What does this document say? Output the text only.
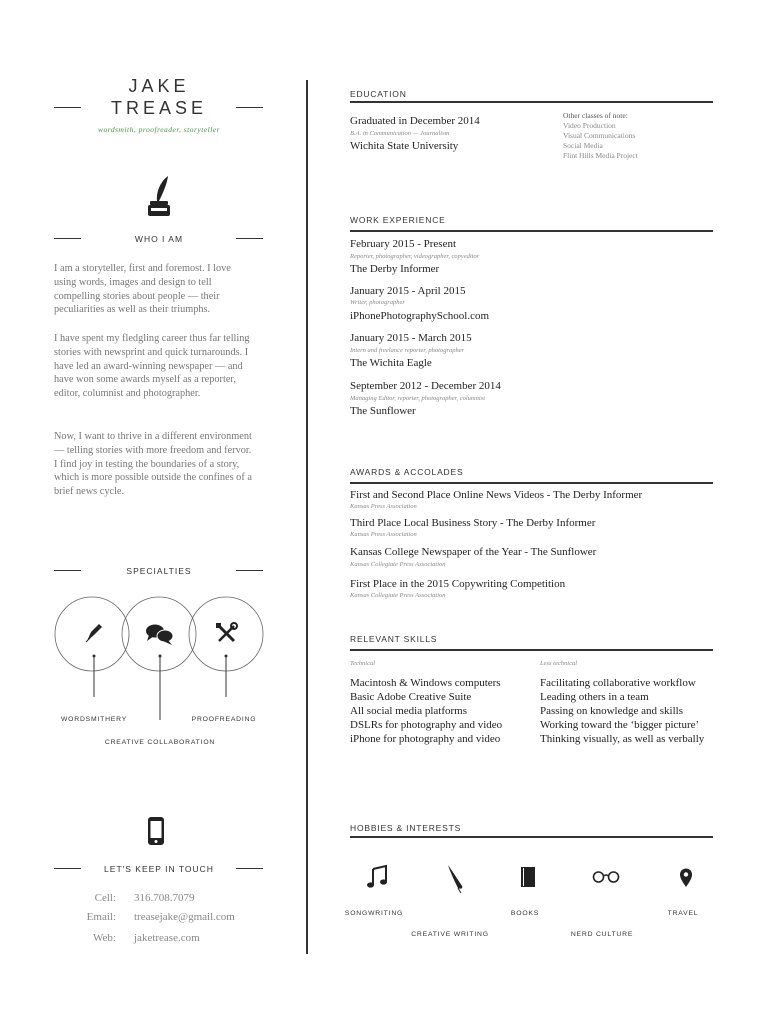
JAKE
TREASE
wordsmith, proofreader, storyteller
WHO I AM

I am a storyteller, first and foremost. I love using words, images and design to tell compelling stories about people — their peculiarities as well as their triumphs.

I have spent my fledgling career thus far telling stories with newsprint and quick turnarounds. I have led an award-winning newspaper — and have won some awards myself as a reporter, editor, columnist and photographer.

Now, I want to thrive in a different environment — telling stories with more freedom and fervor. I find joy in testing the boundaries of a story, which is more possible outside the confines of a brief news cycle.

SPECIALTIES
WORDSMITHERY	PROOFREADING
CREATIVE COLLABORATION
LET'S KEEP IN TOUCH
Cell: 316.708.7079
Email: treasejake@gmail.com
Web: jaketrease.com
EDUCATION
Graduated in December 2014
B.A. in Communication — Journalism
Wichita State University
Other classes of note:
Video Production
Visual Communications
Social Media
Flint Hills Media Project
WORK EXPERIENCE
February 2015 - Present
Reporter, photographer, videographer, copyeditor
The Derby Informer
January 2015 - April 2015
Writer, photographer
iPhonePhotographySchool.com
January 2015 - March 2015
Intern and freelance reporter, photographer
The Wichita Eagle
September 2012 - December 2014
Managing Editor, reporter, photographer, columnist
The Sunflower
AWARDS & ACCOLADES
First and Second Place Online News Videos - The Derby Informer
Kansas Press Association
Third Place Local Business Story - The Derby Informer
Kansas Press Association
Kansas College Newspaper of the Year - The Sunflower
Kansas Collegiate Press Association
First Place in the 2015 Copywriting Competition
Kansas Collegiate Press Association
RELEVANT SKILLS
Technical	Less technical
Macintosh & Windows computers
Basic Adobe Creative Suite
All social media platforms
DSLRs for photography and video
iPhone for photography and video
Facilitating collaborative workflow
Leading others in a team
Passing on knowledge and skills
Working toward the ‘bigger picture’
Thinking visually, as well as verbally
HOBBIES & INTERESTS
SONGWRITING
CREATIVE WRITING
BOOKS
NERD CULTURE
TRAVEL
